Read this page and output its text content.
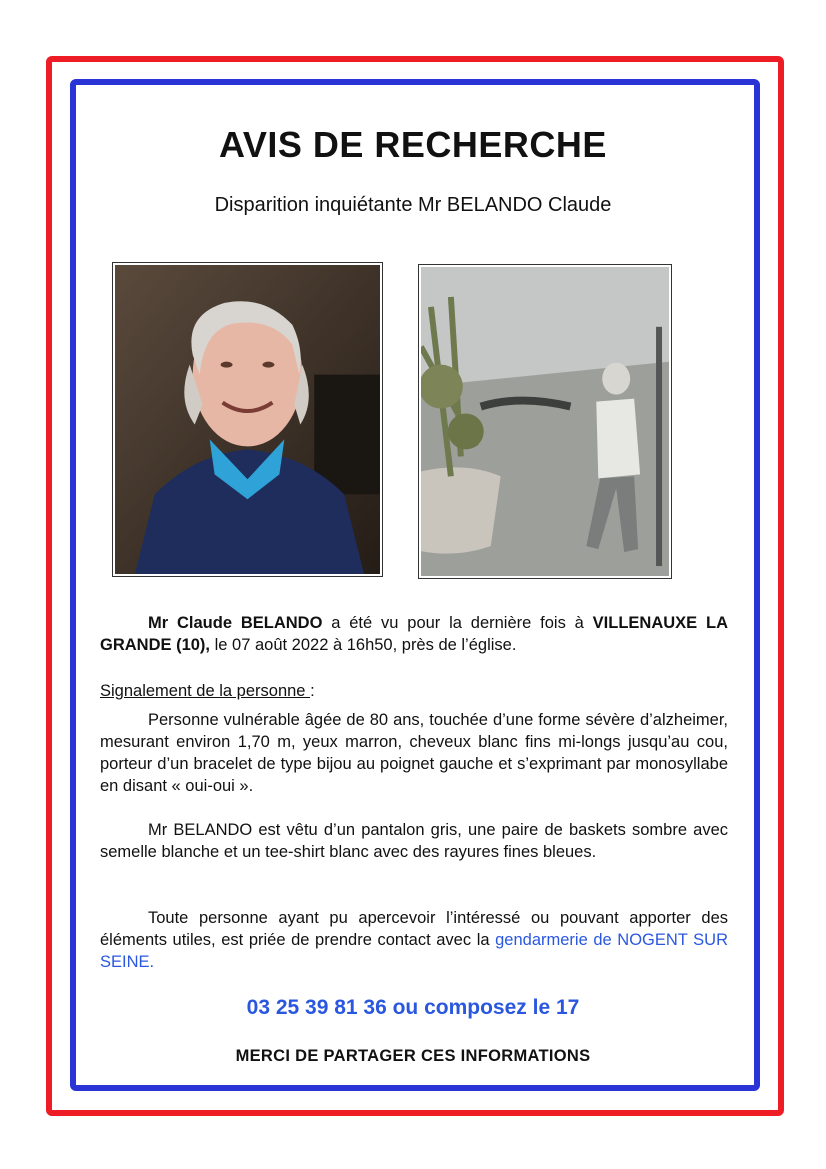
AVIS DE RECHERCHE
Disparition inquiétante Mr BELANDO Claude
Mr Claude BELANDO a été vu pour la dernière fois à VILLENAUXE LA GRANDE (10), le 07 août 2022 à 16h50, près de l’église.
Signalement de la personne :
Personne vulnérable âgée de 80 ans, touchée d’une forme sévère d’alzheimer, mesurant environ 1,70 m, yeux marron, cheveux blanc fins mi-longs jusqu’au cou, porteur d’un bracelet de type bijou au poignet gauche et s’exprimant par monosyllabe en disant « oui-oui ».
Mr BELANDO est vêtu d’un pantalon gris, une paire de baskets sombre avec semelle blanche et un tee-shirt blanc avec des rayures fines bleues.
Toute personne ayant pu apercevoir l’intéressé ou pouvant apporter des éléments utiles, est priée de prendre contact avec la gendarmerie de NOGENT SUR SEINE.
03 25 39 81 36 ou composez le 17
MERCI DE PARTAGER CES INFORMATIONS
